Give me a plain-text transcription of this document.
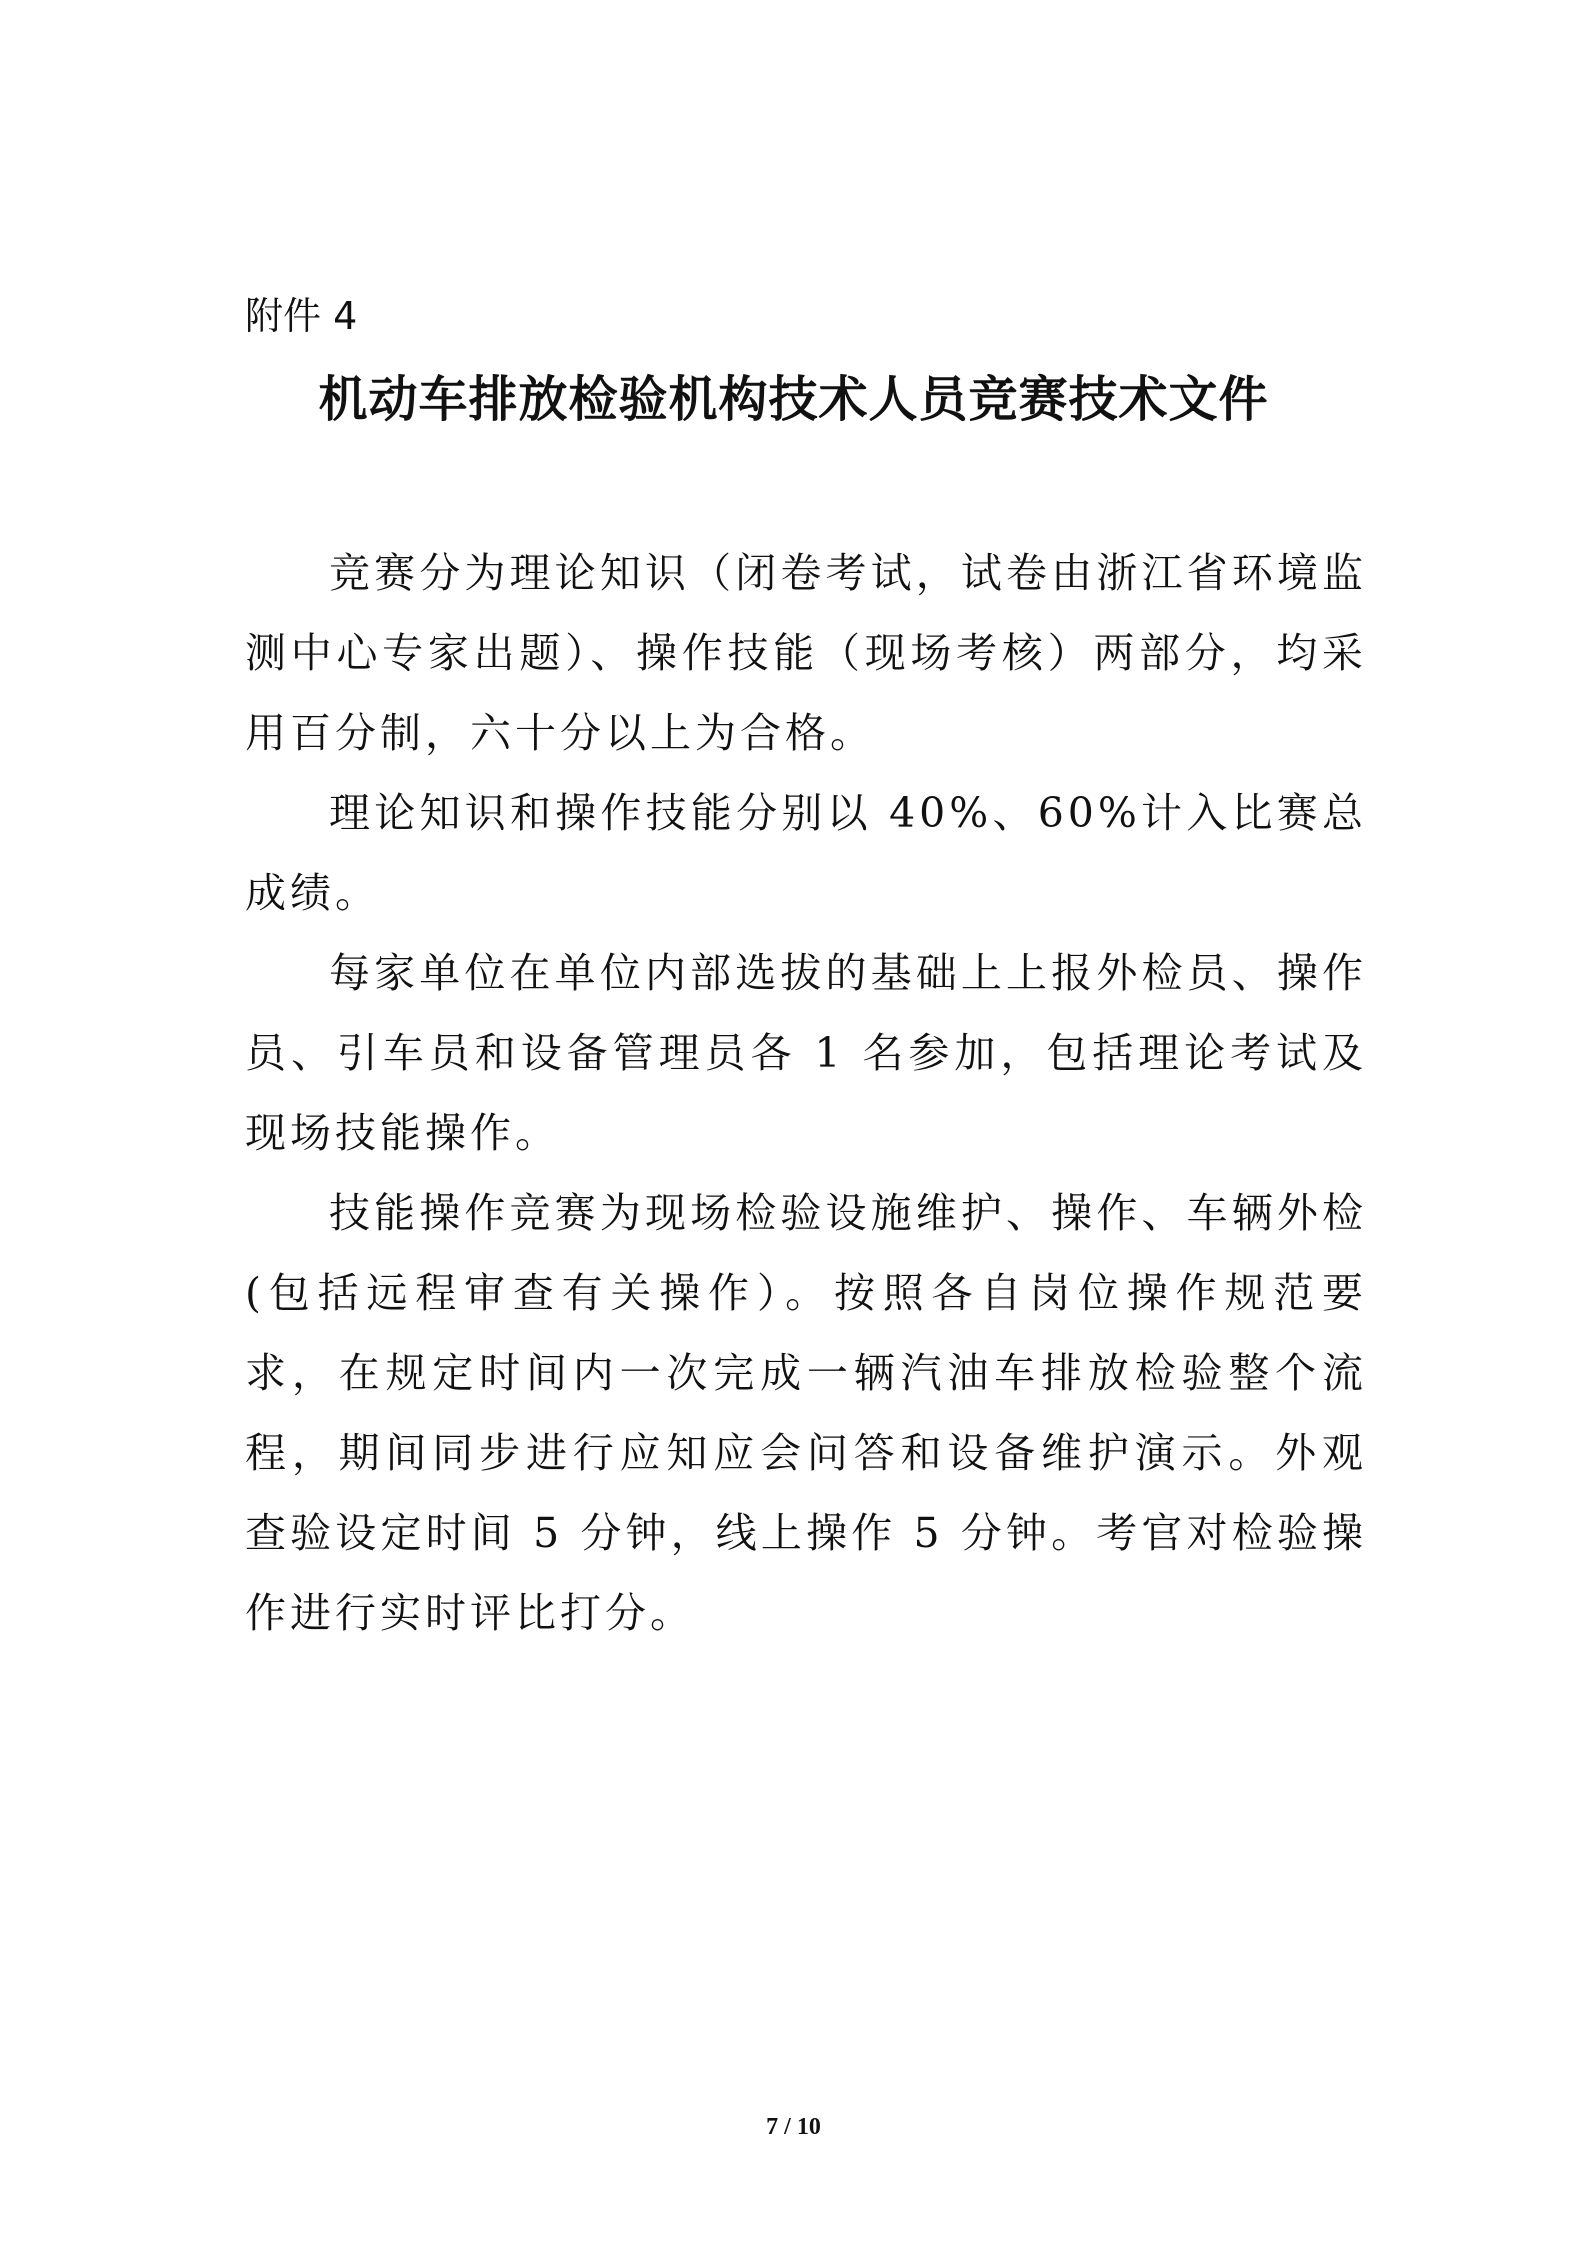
附件 4
机动车排放检验机构技术人员竞赛技术文件

竞赛分为理论知识（闭卷考试，试卷由浙江省环境监测中心专家出题）、操作技能（现场考核）两部分，均采用百分制，六十分以上为合格。

理论知识和操作技能分别以 40%、60%计入比赛总成绩。

每家单位在单位内部选拔的基础上上报外检员、操作员、引车员和设备管理员各 1 名参加，包括理论考试及现场技能操作。

技能操作竞赛为现场检验设施维护、操作、车辆外检(包括远程审查有关操作）。按照各自岗位操作规范要求，在规定时间内一次完成一辆汽油车排放检验整个流程，期间同步进行应知应会问答和设备维护演示。外观查验设定时间 5 分钟，线上操作 5 分钟。考官对检验操作进行实时评比打分。

7 / 10
